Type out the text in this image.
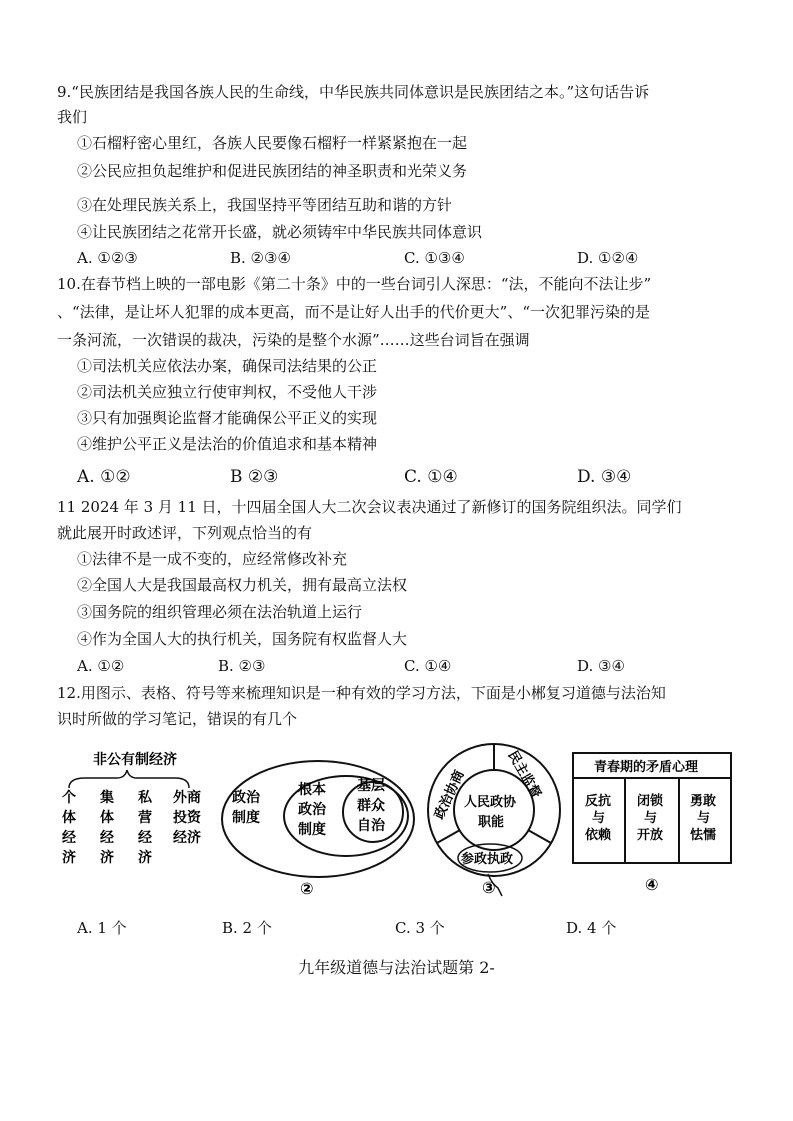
9.“民族团结是我国各族人民的生命线，中华民族共同体意识是民族团结之本。”这句话告诉
我们
①石榴籽密心里红，各族人民要像石榴籽一样紧紧抱在一起
②公民应担负起维护和促进民族团结的神圣职责和光荣义务
③在处理民族关系上，我国坚持平等团结互助和谐的方针
④让民族团结之花常开长盛，就必须铸牢中华民族共同体意识
A. ①②③	B. ②③④	C. ①③④	D. ①②④
10.在春节档上映的一部电影《第二十条》中的一些台词引人深思：“法，不能向不法让步”
、“法律，是让坏人犯罪的成本更高，而不是让好人出手的代价更大”、“一次犯罪污染的是
一条河流，一次错误的裁决，污染的是整个水源”……这些台词旨在强调
①司法机关应依法办案，确保司法结果的公正
②司法机关应独立行使审判权，不受他人干涉
③只有加强舆论监督才能确保公平正义的实现
④维护公平正义是法治的价值追求和基本精神
A. ①②	B ②③	C. ①④	D. ③④
11 2024 年 3 月 11 日，十四届全国人大二次会议表决通过了新修订的国务院组织法。同学们
就此展开时政述评，下列观点恰当的有
①法律不是一成不变的，应经常修改补充
②全国人大是我国最高权力机关，拥有最高立法权
③国务院的组织管理必须在法治轨道上运行
④作为全国人大的执行机关，国务院有权监督人大
A. ①②	B. ②③	C. ①④	D. ③④
12.用图示、表格、符号等来梳理知识是一种有效的学习方法，下面是小郴复习道德与法治知
识时所做的学习笔记，错误的有几个
非公有制经济
个
体
经
济
集
体
经
济
私
营
经
济
外商
投资
经济
政治
制度
根本
政治
制度
基层
群众
自治
②
人民政协
职能
政治协商	民主监督
参政执政
③
青春期的矛盾心理
反抗
与
依赖
闭锁
与
开放
勇敢
与
怯懦
④
A. 1 个	B. 2 个	C. 3 个	D. 4 个
九年级道德与法治试题第 2-
